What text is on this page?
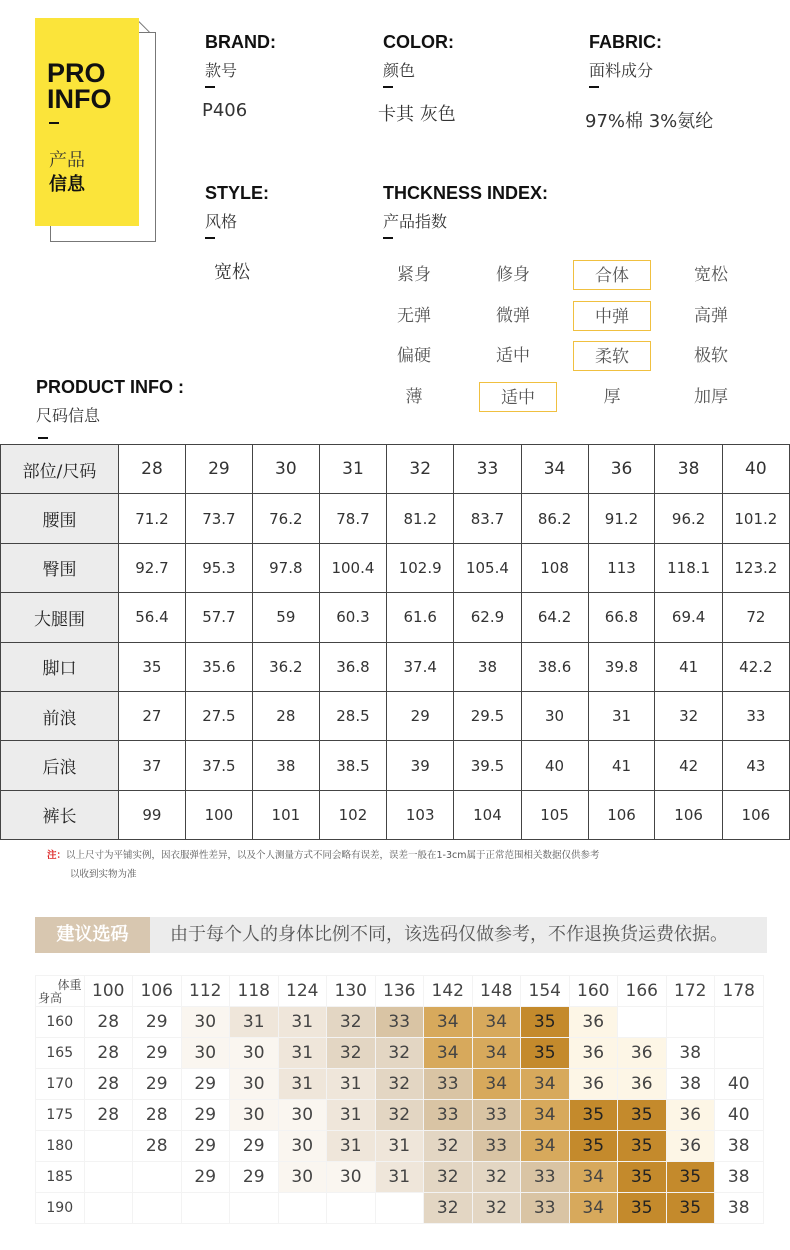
PRO
INFO
产品
信息
BRAND:
款号
P406
COLOR:
颜色
卡其 灰色
FABRIC:
面料成分
97%棉 3%氨纶
STYLE:
风格
宽松
THCKNESS INDEX:
产品指数
紧身	修身	合体	宽松
无弹	微弹	中弹	高弹
偏硬	适中	柔软	极软
薄	适中	厚	加厚
PRODUCT INFO :
尺码信息
部位/尺码	28	29	30	31	32	33	34	36	38	40
腰围	71.2	73.7	76.2	78.7	81.2	83.7	86.2	91.2	96.2	101.2
臀围	92.7	95.3	97.8	100.4	102.9	105.4	108	113	118.1	123.2
大腿围	56.4	57.7	59	60.3	61.6	62.9	64.2	66.8	69.4	72
脚口	35	35.6	36.2	36.8	37.4	38	38.6	39.8	41	42.2
前浪	27	27.5	28	28.5	29	29.5	30	31	32	33
后浪	37	37.5	38	38.5	39	39.5	40	41	42	43
裤长	99	100	101	102	103	104	105	106	106	106
注：以上尺寸为平铺实例，因衣服弹性差异，以及个人测量方式不同会略有误差，误差一般在1-3cm属于正常范围相关数据仅供参考
以收到实物为准
建议选码	由于每个人的身体比例不同，该选码仅做参考，不作退换货运费依据。
体重
身高	100	106	112	118	124	130	136	142	148	154	160	166	172	178
160	28	29	30	31	31	32	33	34	34	35	36			
165	28	29	30	30	31	32	32	34	34	35	36	36	38	
170	28	29	29	30	31	31	32	33	34	34	36	36	38	40
175	28	28	29	30	30	31	32	33	33	34	35	35	36	40
180		28	29	29	30	31	31	32	33	34	35	35	36	38
185			29	29	30	30	31	32	32	33	34	35	35	38
190								32	32	33	34	35	35	38
